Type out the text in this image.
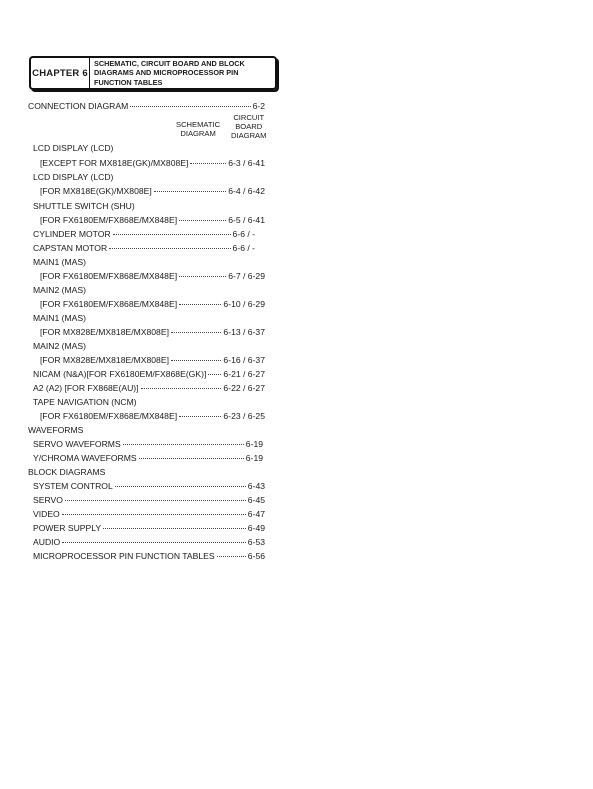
CHAPTER 6
SCHEMATIC, CIRCUIT BOARD AND BLOCK
DIAGRAMS AND MICROPROCESSOR PIN
FUNCTION TABLES
SCHEMATIC
DIAGRAM
CIRCUIT
BOARD
DIAGRAM
CONNECTION DIAGRAM	6-2
LCD DISPLAY (LCD)
[EXCEPT FOR MX818E(GK)/MX808E]	6-3 / 6-41
LCD DISPLAY (LCD)
[FOR MX818E(GK)/MX808E]	6-4 / 6-42
SHUTTLE SWITCH (SHU)
[FOR FX6180EM/FX868E/MX848E]	6-5 / 6-41
CYLINDER MOTOR	6-6 / -
CAPSTAN MOTOR	6-6 / -
MAIN1 (MAS)
[FOR FX6180EM/FX868E/MX848E]	6-7 / 6-29
MAIN2 (MAS)
[FOR FX6180EM/FX868E/MX848E]	6-10 / 6-29
MAIN1 (MAS)
[FOR MX828E/MX818E/MX808E]	6-13 / 6-37
MAIN2 (MAS)
[FOR MX828E/MX818E/MX808E]	6-16 / 6-37
NICAM (N&A)[FOR FX6180EM/FX868E(GK)] 6-21 / 6-27
A2 (A2) [FOR FX868E(AU)]	6-22 / 6-27
TAPE NAVIGATION (NCM)
[FOR FX6180EM/FX868E/MX848E]	6-23 / 6-25
WAVEFORMS
SERVO WAVEFORMS	6-19
Y/CHROMA WAVEFORMS	6-19
BLOCK DIAGRAMS
SYSTEM CONTROL	6-43
SERVO	6-45
VIDEO	6-47
POWER SUPPLY	6-49
AUDIO	6-53
MICROPROCESSOR PIN FUNCTION TABLES	6-56
